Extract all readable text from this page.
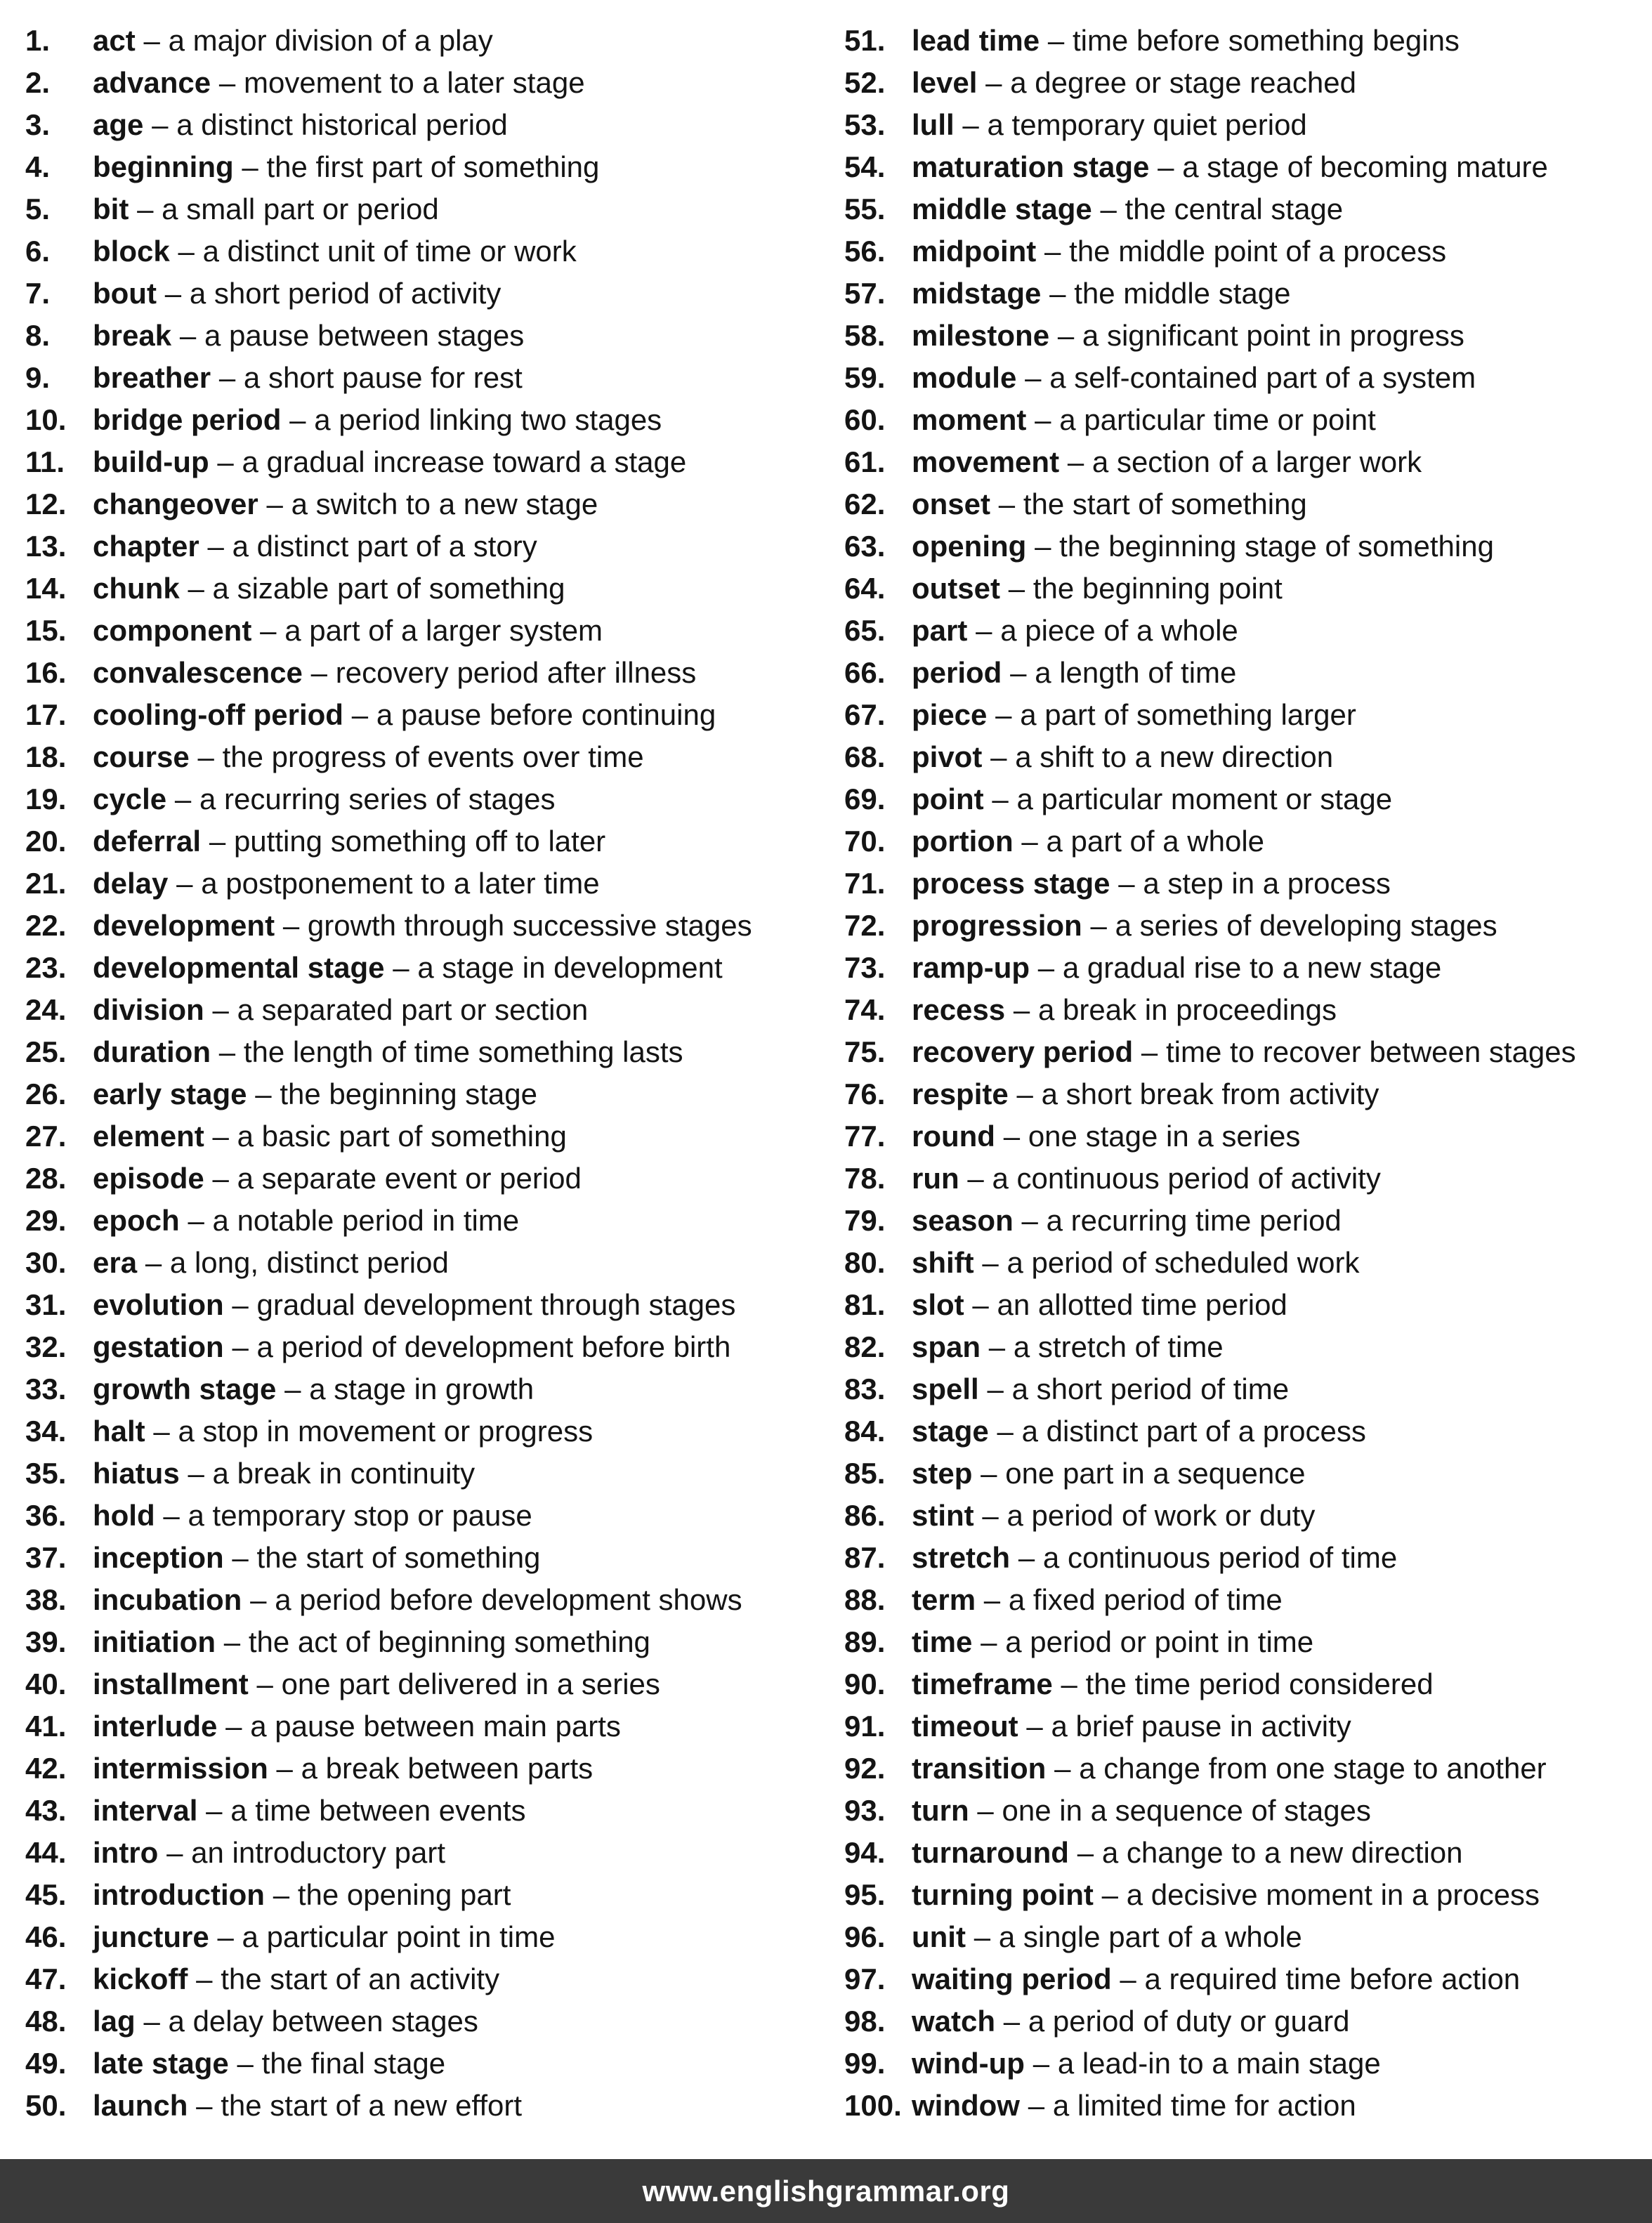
1.	act – a major division of a play
2.	advance – movement to a later stage
3.	age – a distinct historical period
4.	beginning – the first part of something
5.	bit – a small part or period
6.	block – a distinct unit of time or work
7.	bout – a short period of activity
8.	break – a pause between stages
9.	breather – a short pause for rest
10. bridge period – a period linking two stages
11. build-up – a gradual increase toward a stage
12. changeover – a switch to a new stage
13. chapter – a distinct part of a story
14. chunk – a sizable part of something
15. component – a part of a larger system
16. convalescence – recovery period after illness
17. cooling-off period – a pause before continuing
18. course – the progress of events over time
19. cycle – a recurring series of stages
20. deferral – putting something off to later
21. delay – a postponement to a later time
22. development – growth through successive stages
23. developmental stage – a stage in development
24. division – a separated part or section
25. duration – the length of time something lasts
26. early stage – the beginning stage
27. element – a basic part of something
28. episode – a separate event or period
29. epoch – a notable period in time
30. era – a long, distinct period
31. evolution – gradual development through stages
32. gestation – a period of development before birth
33. growth stage – a stage in growth
34. halt – a stop in movement or progress
35. hiatus – a break in continuity
36. hold – a temporary stop or pause
37. inception – the start of something
38. incubation – a period before development shows
39. initiation – the act of beginning something
40. installment – one part delivered in a series
41. interlude – a pause between main parts
42. intermission – a break between parts
43. interval – a time between events
44. intro – an introductory part
45. introduction – the opening part
46. juncture – a particular point in time
47. kickoff – the start of an activity
48. lag – a delay between stages
49. late stage – the final stage
50. launch – the start of a new effort
51. lead time – time before something begins
52. level – a degree or stage reached
53. lull – a temporary quiet period
54. maturation stage – a stage of becoming mature
55. middle stage – the central stage
56. midpoint – the middle point of a process
57. midstage – the middle stage
58. milestone – a significant point in progress
59. module – a self-contained part of a system
60. moment – a particular time or point
61. movement – a section of a larger work
62. onset – the start of something
63. opening – the beginning stage of something
64. outset – the beginning point
65. part – a piece of a whole
66. period – a length of time
67. piece – a part of something larger
68. pivot – a shift to a new direction
69. point – a particular moment or stage
70. portion – a part of a whole
71. process stage – a step in a process
72. progression – a series of developing stages
73. ramp-up – a gradual rise to a new stage
74. recess – a break in proceedings
75. recovery period – time to recover between stages
76. respite – a short break from activity
77. round – one stage in a series
78. run – a continuous period of activity
79. season – a recurring time period
80. shift – a period of scheduled work
81. slot – an allotted time period
82. span – a stretch of time
83. spell – a short period of time
84. stage – a distinct part of a process
85. step – one part in a sequence
86. stint – a period of work or duty
87. stretch – a continuous period of time
88. term – a fixed period of time
89. time – a period or point in time
90. timeframe – the time period considered
91. timeout – a brief pause in activity
92. transition – a change from one stage to another
93. turn – one in a sequence of stages
94. turnaround – a change to a new direction
95. turning point – a decisive moment in a process
96. unit – a single part of a whole
97. waiting period – a required time before action
98. watch – a period of duty or guard
99. wind-up – a lead-in to a main stage
100. window – a limited time for action
www.englishgrammar.org
